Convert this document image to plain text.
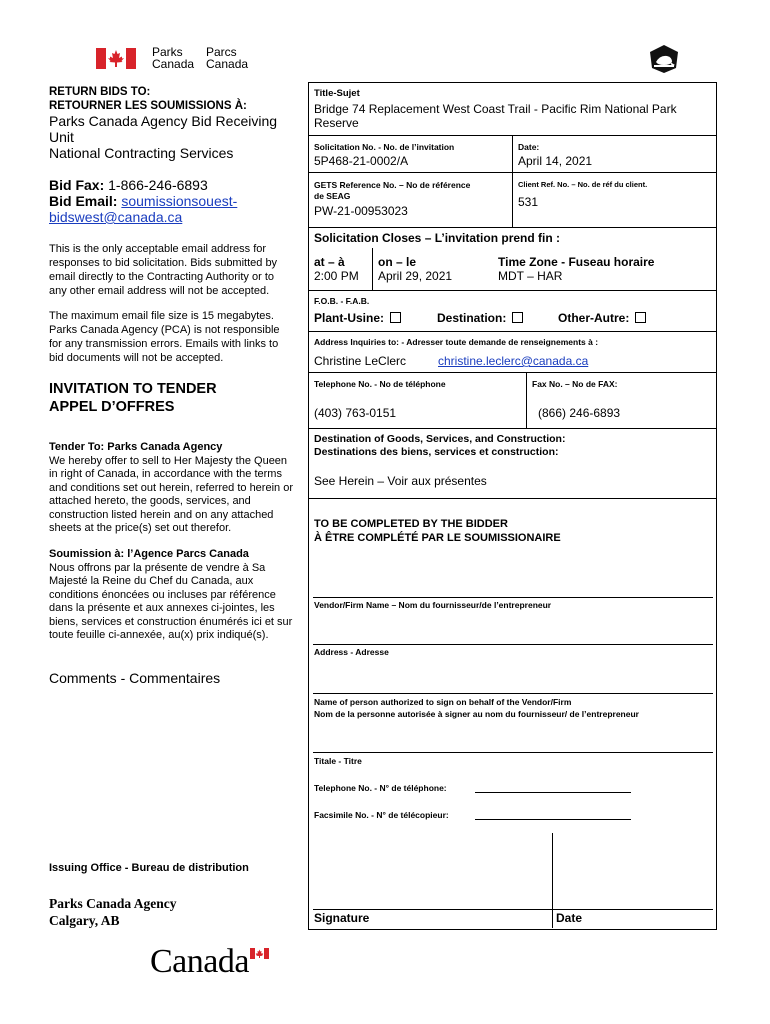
Parks
Canada
Parcs
Canada
RETURN BIDS TO:
RETOURNER LES SOUMISSIONS À:
Parks Canada Agency Bid Receiving
Unit
National Contracting Services
Bid Fax: 1-866-246-6893
Bid Email: soumissionsouest-
bidswest@canada.ca
This is the only acceptable email address for
responses to bid solicitation. Bids submitted by
email directly to the Contracting Authority or to
any other email address will not be accepted.
The maximum email file size is 15 megabytes.
Parks Canada Agency (PCA) is not responsible
for any transmission errors. Emails with links to
bid documents will not be accepted.
INVITATION TO TENDER
APPEL D’OFFRES
Tender To: Parks Canada Agency
We hereby offer to sell to Her Majesty the Queen
in right of Canada, in accordance with the terms
and conditions set out herein, referred to herein or
attached hereto, the goods, services, and
construction listed herein and on any attached
sheets at the price(s) set out therefor.
Soumission à: l’Agence Parcs Canada
Nous offrons par la présente de vendre à Sa
Majesté la Reine du Chef du Canada, aux
conditions énoncées ou incluses par référence
dans la présente et aux annexes ci-jointes, les
biens, services et construction énumérés ici et sur
toute feuille ci-annexée, au(x) prix indiqué(s).
Comments - Commentaires
Issuing Office - Bureau de distribution
Parks Canada Agency
Calgary, AB
Title-Sujet
Bridge 74 Replacement West Coast Trail - Pacific Rim National Park
Reserve
Solicitation No. - No. de l’invitation
5P468-21-0002/A
Date:
April 14, 2021
GETS Reference No. – No de référence
de SEAG
PW-21-00953023
Client Ref. No. – No. de réf du client.
531
Solicitation Closes – L’invitation prend fin :
at – à
2:00 PM
on – le
April 29, 2021
Time Zone - Fuseau horaire
MDT – HAR
F.O.B. - F.A.B.
Plant-Usine:	Destination:	Other-Autre:
Address Inquiries to: - Adresser toute demande de renseignements à :
Christine LeClerc	christine.leclerc@canada.ca
Telephone No. - No de téléphone	Fax No. – No de FAX:
(403) 763-0151	(866) 246-6893
Destination of Goods, Services, and Construction:
Destinations des biens, services et construction:
See Herein – Voir aux présentes
TO BE COMPLETED BY THE BIDDER
À ÊTRE COMPLÉTÉ PAR LE SOUMISSIONAIRE
Vendor/Firm Name – Nom du fournisseur/de l’entrepreneur
Address - Adresse
Name of person authorized to sign on behalf of the Vendor/Firm
Nom de la personne autorisée à signer au nom du fournisseur/ de l’entrepreneur
Titale - Titre
Telephone No. - N° de téléphone:
Facsimile No. - N° de télécopieur:
Signature	Date
Canada
